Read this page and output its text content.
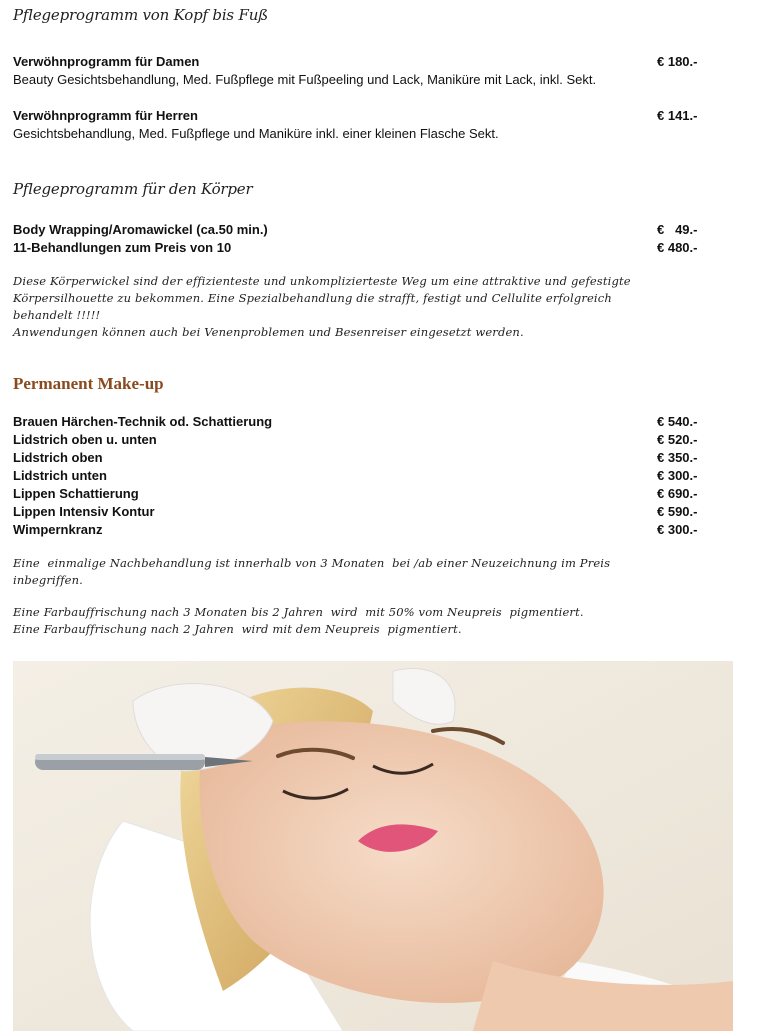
Pflegeprogramm von Kopf bis Fuß
Verwöhnprogramm für Damen	€ 180.-
Beauty Gesichtsbehandlung, Med. Fußpflege mit Fußpeeling und Lack, Maniküre mit Lack, inkl. Sekt.
Verwöhnprogramm für Herren	€ 141.-
Gesichtsbehandlung, Med. Fußpflege und Maniküre inkl. einer kleinen Flasche Sekt.
Pflegeprogramm für den Körper
Body Wrapping/Aromawickel (ca.50 min.)	€   49.-
11-Behandlungen zum Preis von 10	€ 480.-
Diese Körperwickel sind der effizienteste und unkomplizierteste Weg um eine attraktive und gefestigte
Körpersilhouette zu bekommen. Eine Spezialbehandlung die strafft, festigt und Cellulite erfolgreich
behandelt !!!!!
Anwendungen können auch bei Venenproblemen und Besenreiser eingesetzt werden.
Permanent Make-up
Brauen Härchen-Technik od. Schattierung	€ 540.-
Lidstrich oben u. unten	€ 520.-
Lidstrich oben	€ 350.-
Lidstrich unten	€ 300.-
Lippen Schattierung	€ 690.-
Lippen Intensiv Kontur	€ 590.-
Wimpernkranz	€ 300.-
Eine  einmalige Nachbehandlung ist innerhalb von 3 Monaten  bei /ab einer Neuzeichnung im Preis
inbegriffen.
Eine Farbauffrischung nach 3 Monaten bis 2 Jahren  wird  mit 50% vom Neupreis  pigmentiert.
Eine Farbauffrischung nach 2 Jahren  wird mit dem Neupreis  pigmentiert.
